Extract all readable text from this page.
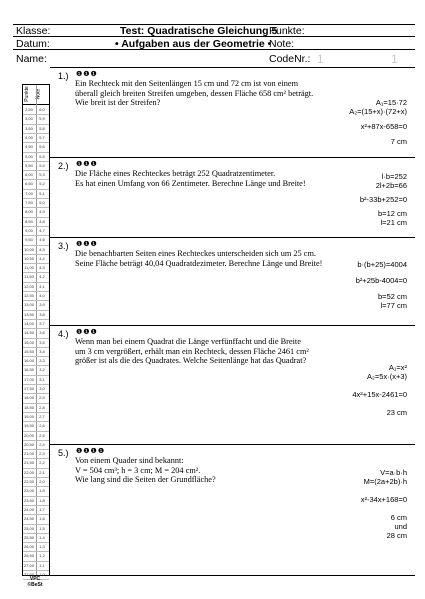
Klasse:
Datum:
Name:
Test: Quadratische Gleichung 5
• Aufgaben aus der Geometrie •
Punkte:
Note:
CodeNr.: 1	1
Punkte Note
2,50	6,0
3,00	5,9
3,50	5,8
4,00	5,7
4,50	5,6
5,00	5,5
5,50	5,4
6,00	5,3
6,50	5,2
7,00	5,1
7,50	5,0
8,00	4,9
8,50	4,8
9,00	4,7
9,50	4,6
10,00	4,5
10,50	4,4
11,00	4,3
11,50	4,2
12,00	4,1
12,50	4,0
13,00	3,9
13,50	3,8
14,00	3,7
14,50	3,6
15,00	3,5
15,50	3,4
16,00	3,3
16,50	3,2
17,00	3,1
17,50	3,0
18,00	2,9
18,50	2,8
19,00	2,7
19,50	2,6
20,00	2,5
20,50	2,4
21,00	2,3
21,50	2,2
22,00	2,1
22,50	2,0
23,00	1,9
23,50	1,8
24,00	1,7
24,50	1,6
25,00	1,5
25,50	1,4
26,00	1,3
26,50	1,2
27,00	1,1
27,50	1,0
VPC
©BeSt
1.) ❶❶❶
Ein Rechteck mit den Seitenlängen 15 cm und 72 cm ist von einem
überall gleich breiten Streifen umgeben, dessen Fläche 658 cm² beträgt.
Wie breit ist der Streifen?	A₁=15·72
A₂=(15+x)·(72+x)
x²+87x-658=0
7 cm
2.) ❶❶❶
Die Fläche eines Rechteckes beträgt 252 Quadratzentimeter.
Es hat einen Umfang von 66 Zentimeter. Berechne Länge und Breite!
l·b=252
2l+2b=66
b²-33b+252=0
b=12 cm
l=21 cm
3.) ❶❶❶
Die benachbarten Seiten eines Rechteckes unterscheiden sich um 25 cm.
Seine Fläche beträgt 40,04 Quadratdezimeter. Berechne Länge und Breite!	b·(b+25)=4004
b²+25b-4004=0
b=52 cm
l=77 cm
4.) ❶❶❶
Wenn man bei einem Quadrat die Länge verfünffacht und die Breite
um 3 cm vergrößert, erhält man ein Rechteck, dessen Fläche 2461 cm²
größer ist als die des Quadrates. Welche Seitenlänge hat das Quadrat?
A₁=x²
A₂=5x·(x+3)
4x²+15x-2461=0
23 cm
5.) ❶❶❶❶
Von einem Quader sind bekannt:
V = 504 cm³; h = 3 cm; M = 204 cm².
Wie lang sind die Seiten der Grundfläche?
V=a·b·h
M=(2a+2b)·h
x²-34x+168=0
6 cm
und
28 cm
